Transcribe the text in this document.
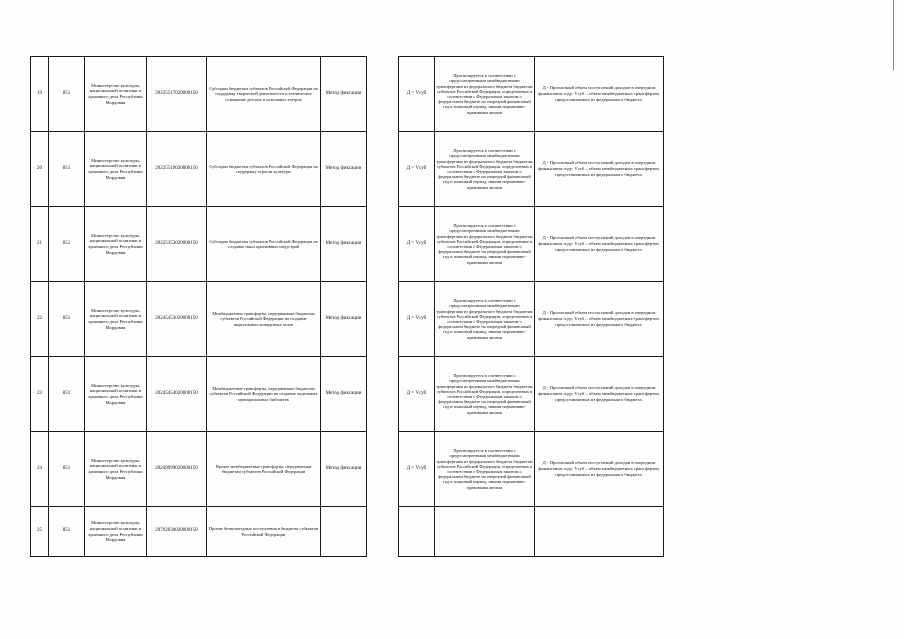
19	851	Министерство культуры, национальной политики и архивного дела Республики Мордовия	20225517020000150	Субсидии бюджетам субъектов Российской Федерации на поддержку творческой деятельности и техническое оснащение детских и кукольных театров	Метод фиксации		Д = Vсуб	Прогнозируется в соответствии с предусмотренными межбюджетными трансфертами из федерального бюджета бюджетам субъектов Российской Федерации, определенных в соответствии с Федеральным законом о федеральном бюджете на очередной финансовый год и плановый период, иными нормативно-правовыми актами	Д - Прогнозный объем поступлений доходов в очередном финансовом году; Vсуб – объем межбюджетных трансфертов, предоставляемых из федерального бюджета.
20	851	Министерство культуры, национальной политики и архивного дела Республики Мордовия	20225519020000150	Субсидии бюджетам субъектов Российской Федерации на поддержку отрасли культуры	Метод фиксации		Д = Vсуб	Прогнозируется в соответствии с предусмотренными межбюджетными трансфертами из федерального бюджета бюджетам субъектов Российской Федерации, определенных в соответствии с Федеральным законом о федеральном бюджете на очередной финансовый год и плановый период, иными нормативно-правовыми актами	Д - Прогнозный объем поступлений доходов в очередном финансовом году; Vсуб – объем межбюджетных трансфертов, предоставляемых из федерального бюджета.
21	851	Министерство культуры, национальной политики и архивного дела Республики Мордовия	20225353020000150	Субсидии бюджетам субъектов Российской Федерации на создание школ креативных индустрий	Метод фиксации		Д = Vсуб	Прогнозируется в соответствии с предусмотренными межбюджетными трансфертами из федерального бюджета бюджетам субъектов Российской Федерации, определенных в соответствии с Федеральным законом о федеральном бюджете на очередной финансовый год и плановый период, иными нормативно-правовыми актами	Д - Прогнозный объем поступлений доходов в очередном финансовом году; Vсуб – объем межбюджетных трансфертов, предоставляемых из федерального бюджета.
22	851	Министерство культуры, национальной политики и архивного дела Республики Мордовия	20245453020000150	Межбюджетные трансферты, передаваемые бюджетам субъектов Российской Федерации на создание виртуальных концертных залов	Метод фиксации		Д = Vсуб	Прогнозируется в соответствии с предусмотренными межбюджетными трансфертами из федерального бюджета бюджетам субъектов Российской Федерации, определенных в соответствии с Федеральным законом о федеральном бюджете на очередной финансовый год и плановый период, иными нормативно-правовыми актами	Д - Прогнозный объем поступлений доходов в очередном финансовом году; Vсуб – объем межбюджетных трансфертов, предоставляемых из федерального бюджета.
23	851	Министерство культуры, национальной политики и архивного дела Республики Мордовия	20245454020000150	Межбюджетные трансферты, передаваемые бюджетам субъектов Российской Федерации на создание модельных муниципальных библиотек	Метод фиксации		Д = Vсуб	Прогнозируется в соответствии с предусмотренными межбюджетными трансфертами из федерального бюджета бюджетам субъектов Российской Федерации, определенных в соответствии с Федеральным законом о федеральном бюджете на очередной финансовый год и плановый период, иными нормативно-правовыми актами	Д - Прогнозный объем поступлений доходов в очередном финансовом году; Vсуб – объем межбюджетных трансфертов, предоставляемых из федерального бюджета.
24	851	Министерство культуры, национальной политики и архивного дела Республики Мордовия	20249999020000150	Прочие межбюджетные трансферты, передаваемые бюджетам субъектов Российской Федерации	Метод фиксации		Д = Vсуб	Прогнозируется в соответствии с предусмотренными межбюджетными трансфертами из федерального бюджета бюджетам субъектов Российской Федерации, определенных в соответствии с Федеральным законом о федеральном бюджете на очередной финансовый год и плановый период, иными нормативно-правовыми актами	Д - Прогнозный объем поступлений доходов в очередном финансовом году; Vсуб – объем межбюджетных трансфертов, предоставляемых из федерального бюджета.
25	851	Министерство культуры, национальной политики и архивного дела Республики Мордовия	20702030020000150	Прочие безвозмездные поступления в бюджеты субъектов Российской Федерации					
